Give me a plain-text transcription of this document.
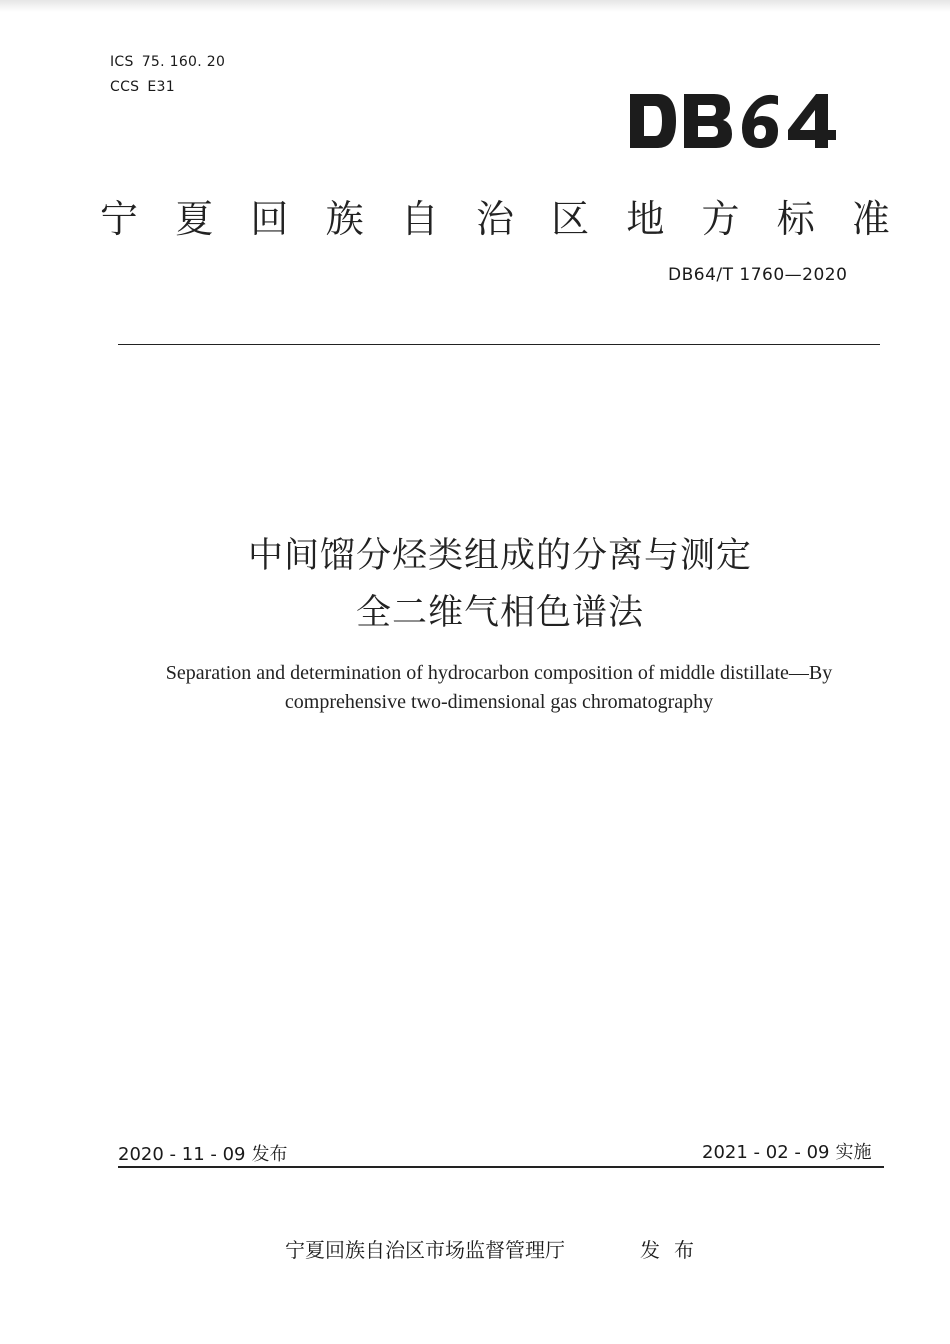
ICS 75. 160. 20
CCS E31
宁 夏 回 族 自 治 区 地 方 标 准
DB64/T 1760—2020
中间馏分烃类组成的分离与测定
全二维气相色谱法
Separation and determination of hydrocarbon composition of middle distillate—By
comprehensive two-dimensional gas chromatography
2020 - 11 - 09 发布	2021 - 02 - 09 实施
宁夏回族自治区市场监督管理厅	发布
